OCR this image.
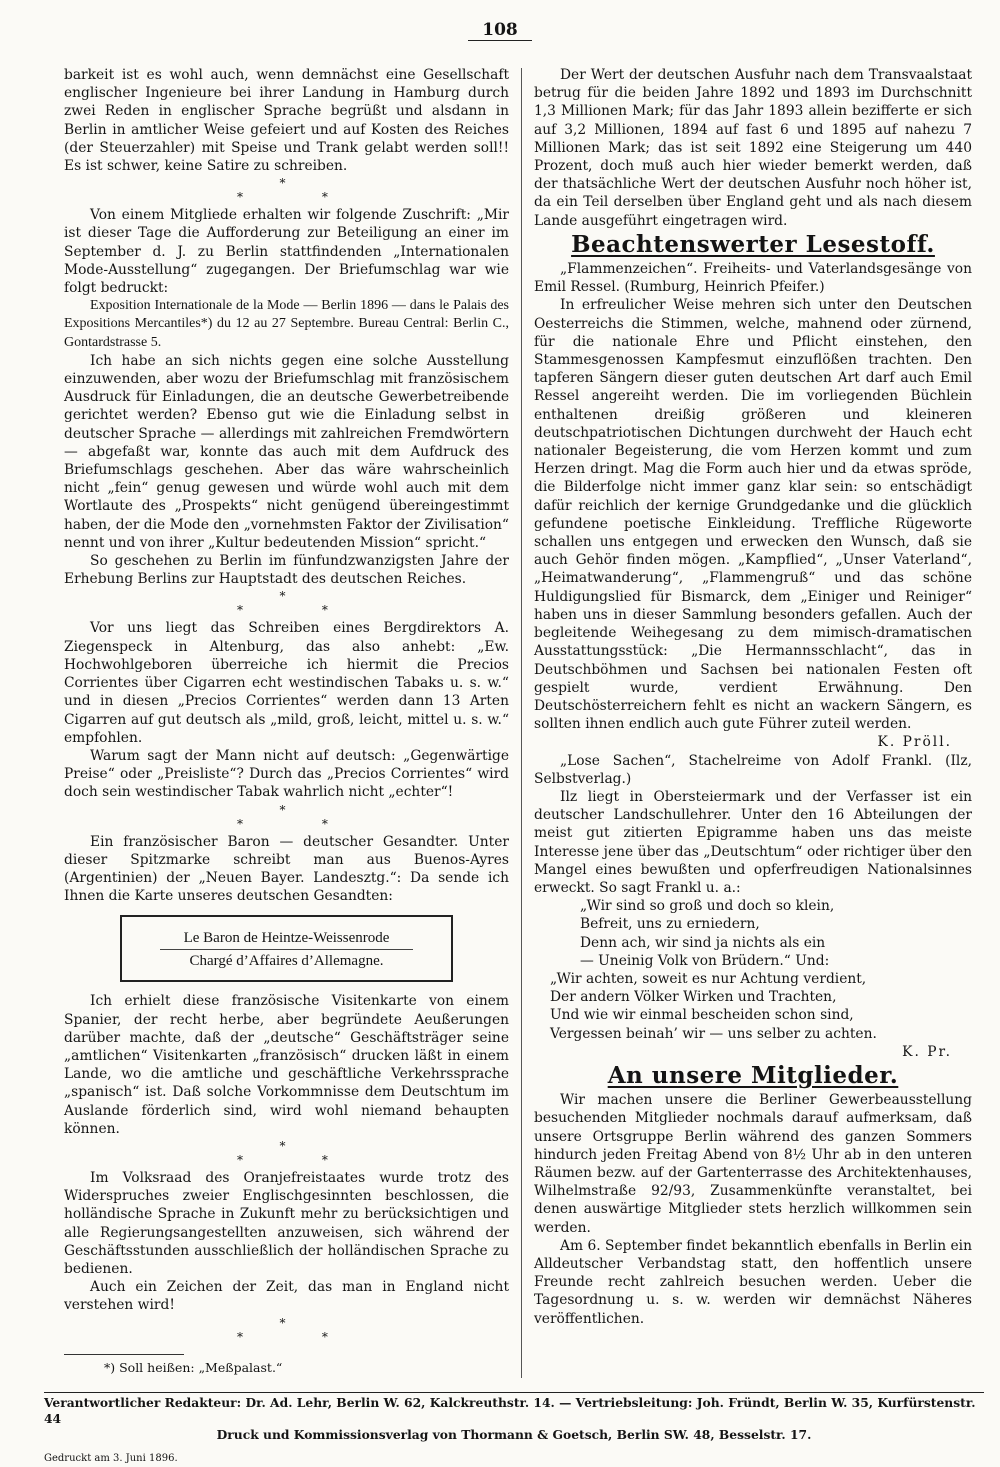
108

barkeit ist es wohl auch, wenn demnächst eine Gesellschaft englischer Ingenieure bei ihrer Landung in Hamburg durch zwei Reden in englischer Sprache begrüßt und alsdann in Berlin in amtlicher Weise gefeiert und auf Kosten des Reiches (der Steuerzahler) mit Speise und Trank gelabt werden soll!! Es ist schwer, keine Satire zu schreiben.

*
*      *

Von einem Mitgliede erhalten wir folgende Zuschrift: „Mir ist dieser Tage die Aufforderung zur Beteiligung an einer im September d. J. zu Berlin stattfindenden „Internationalen Mode-Ausstellung“ zugegangen. Der Briefumschlag war wie folgt bedruckt:

Exposition Internationale de la Mode — Berlin 1896 — dans le Palais des Expositions Mercantiles*) du 12 au 27 Septembre. Bureau Central: Berlin C., Gontardstrasse 5.

Ich habe an sich nichts gegen eine solche Ausstellung einzuwenden, aber wozu der Briefumschlag mit französischem Ausdruck für Einladungen, die an deutsche Gewerbetreibende gerichtet werden? Ebenso gut wie die Einladung selbst in deutscher Sprache — allerdings mit zahlreichen Fremdwörtern — abgefaßt war, konnte das auch mit dem Aufdruck des Briefumschlags geschehen. Aber das wäre wahrscheinlich nicht „fein“ genug gewesen und würde wohl auch mit dem Wortlaute des „Prospekts“ nicht genügend übereingestimmt haben, der die Mode den „vornehmsten Faktor der Zivilisation“ nennt und von ihrer „Kultur bedeutenden Mission“ spricht.“

So geschehen zu Berlin im fünfundzwanzigsten Jahre der Erhebung Berlins zur Hauptstadt des deutschen Reiches.

*
*      *

Vor uns liegt das Schreiben eines Bergdirektors A. Ziegenspeck in Altenburg, das also anhebt: „Ew. Hochwohlgeboren überreiche ich hiermit die Precios Corrientes über Cigarren echt westindischen Tabaks u. s. w.“ und in diesen „Precios Corrientes“ werden dann 13 Arten Cigarren auf gut deutsch als „mild, groß, leicht, mittel u. s. w.“ empfohlen.

Warum sagt der Mann nicht auf deutsch: „Gegenwärtige Preise“ oder „Preisliste“? Durch das „Precios Corrientes“ wird doch sein westindischer Tabak wahrlich nicht „echter“!

*
*      *

Ein französischer Baron — deutscher Gesandter. Unter dieser Spitzmarke schreibt man aus Buenos-Ayres (Argentinien) der „Neuen Bayer. Landesztg.“: Da sende ich Ihnen die Karte unseres deutschen Gesandten:

Le Baron de Heintze-Weissenrode
Chargé d’Affaires d’Allemagne.

Ich erhielt diese französische Visitenkarte von einem Spanier, der recht herbe, aber begründete Aeußerungen darüber machte, daß der „deutsche“ Geschäftsträger seine „amtlichen“ Visitenkarten „französisch“ drucken läßt in einem Lande, wo die amtliche und geschäftliche Verkehrssprache „spanisch“ ist. Daß solche Vorkommnisse dem Deutschtum im Auslande förderlich sind, wird wohl niemand behaupten können.

*
*      *

Im Volksraad des Oranjefreistaates wurde trotz des Widerspruches zweier Englischgesinnten beschlossen, die holländische Sprache in Zukunft mehr zu berücksichtigen und alle Regierungsangestellten anzuweisen, sich während der Geschäftsstunden ausschließlich der holländischen Sprache zu bedienen.

Auch ein Zeichen der Zeit, das man in England nicht verstehen wird!

*
*      *

*) Soll heißen: „Meßpalast.“

Der Wert der deutschen Ausfuhr nach dem Transvaalstaat betrug für die beiden Jahre 1892 und 1893 im Durchschnitt 1,3 Millionen Mark; für das Jahr 1893 allein bezifferte er sich auf 3,2 Millionen, 1894 auf fast 6 und 1895 auf nahezu 7 Millionen Mark; das ist seit 1892 eine Steigerung um 440 Prozent, doch muß auch hier wieder bemerkt werden, daß der thatsächliche Wert der deutschen Ausfuhr noch höher ist, da ein Teil derselben über England geht und als nach diesem Lande ausgeführt eingetragen wird.

Beachtenswerter Lesestoff.

„Flammenzeichen“. Freiheits- und Vaterlandsgesänge von Emil Ressel. (Rumburg, Heinrich Pfeifer.)

In erfreulicher Weise mehren sich unter den Deutschen Oesterreichs die Stimmen, welche, mahnend oder zürnend, für die nationale Ehre und Pflicht einstehen, den Stammesgenossen Kampfesmut einzuflößen trachten. Den tapferen Sängern dieser guten deutschen Art darf auch Emil Ressel angereiht werden. Die im vorliegenden Büchlein enthaltenen dreißig größeren und kleineren deutschpatriotischen Dichtungen durchweht der Hauch echt nationaler Begeisterung, die vom Herzen kommt und zum Herzen dringt. Mag die Form auch hier und da etwas spröde, die Bilderfolge nicht immer ganz klar sein: so entschädigt dafür reichlich der kernige Grundgedanke und die glücklich gefundene poetische Einkleidung. Treffliche Rügeworte schallen uns entgegen und erwecken den Wunsch, daß sie auch Gehör finden mögen. „Kampflied“, „Unser Vaterland“, „Heimatwanderung“, „Flammengruß“ und das schöne Huldigungslied für Bismarck, dem „Einiger und Reiniger“ haben uns in dieser Sammlung besonders gefallen. Auch der begleitende Weihegesang zu dem mimisch-dramatischen Ausstattungsstück: „Die Hermannsschlacht“, das in Deutschböhmen und Sachsen bei nationalen Festen oft gespielt wurde, verdient Erwähnung. Den Deutschösterreichern fehlt es nicht an wackern Sängern, es sollten ihnen endlich auch gute Führer zuteil werden.

K. Pröll.

„Lose Sachen“, Stachelreime von Adolf Frankl. (Ilz, Selbstverlag.)

Ilz liegt in Obersteiermark und der Verfasser ist ein deutscher Landschullehrer. Unter den 16 Abteilungen der meist gut zitierten Epigramme haben uns das meiste Interesse jene über das „Deutschtum“ oder richtiger über den Mangel eines bewußten und opferfreudigen Nationalsinnes erweckt. So sagt Frankl u. a.:

„Wir sind so groß und doch so klein,

Befreit, uns zu erniedern,

Denn ach, wir sind ja nichts als ein

— Uneinig Volk von Brüdern.“ Und:

„Wir achten, soweit es nur Achtung verdient,

Der andern Völker Wirken und Trachten,

Und wie wir einmal bescheiden schon sind,

Vergessen beinah’ wir — uns selber zu achten.

K. Pr.

An unsere Mitglieder.

Wir machen unsere die Berliner Gewerbeausstellung besuchenden Mitglieder nochmals darauf aufmerksam, daß unsere Ortsgruppe Berlin während des ganzen Sommers hindurch jeden Freitag Abend von 8½ Uhr ab in den unteren Räumen bezw. auf der Gartenterrasse des Architektenhauses, Wilhelmstraße 92/93, Zusammenkünfte veranstaltet, bei denen auswärtige Mitglieder stets herzlich willkommen sein werden.

Am 6. September findet bekanntlich ebenfalls in Berlin ein Alldeutscher Verbandstag statt, den hoffentlich unsere Freunde recht zahlreich besuchen werden. Ueber die Tagesordnung u. s. w. werden wir demnächst Näheres veröffentlichen.

Verantwortlicher Redakteur: Dr. Ad. Lehr, Berlin W. 62, Kalckreuthstr. 14. — Vertriebsleitung: Joh. Fründt, Berlin W. 35, Kurfürstenstr. 44
Druck und Kommissionsverlag von Thormann & Goetsch, Berlin SW. 48, Besselstr. 17.
Gedruckt am 3. Juni 1896.
